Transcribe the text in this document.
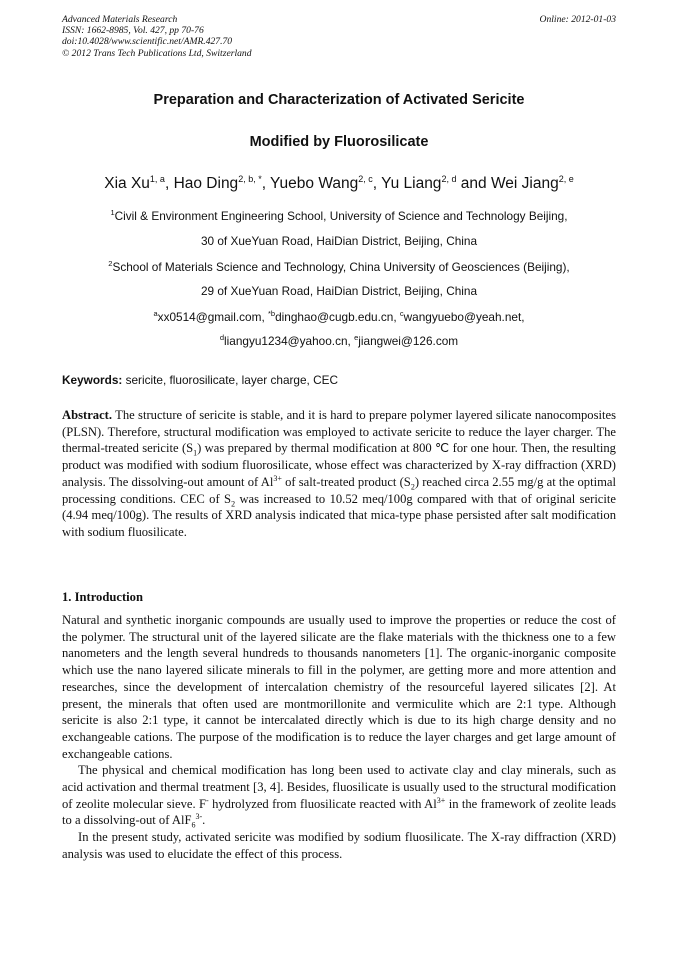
Advanced Materials Research
ISSN: 1662-8985, Vol. 427, pp 70-76
doi:10.4028/www.scientific.net/AMR.427.70
© 2012 Trans Tech Publications Ltd, Switzerland
Online: 2012-01-03
Preparation and Characterization of Activated Sericite
Modified by Fluorosilicate
Xia Xu$^{1, a}$, Hao Ding$^{2, b, *}$, Yuebo Wang$^{2, c}$, Yu Liang$^{2, d}$ and Wei Jiang$^{2, e}$
$^1$Civil & Environment Engineering School, University of Science and Technology Beijing,
30 of XueYuan Road, HaiDian District, Beijing, China
$^2$School of Materials Science and Technology, China University of Geosciences (Beijing),
29 of XueYuan Road, HaiDian District, Beijing, China
$^a$xx0514@gmail.com, $^{*b}$dinghao@cugb.edu.cn, $^c$wangyuebo@yeah.net,
$^d$liangyu1234@yahoo.cn, $^e$jiangwei@126.com
Keywords: sericite, fluorosilicate, layer charge, CEC
Abstract. The structure of sericite is stable, and it is hard to prepare polymer layered silicate nanocomposites (PLSN). Therefore, structural modification was employed to activate sericite to reduce the layer charger. The thermal-treated sericite $(S_1)$ was prepared by thermal modification at 800 ℃ for one hour. Then, the resulting product was modified with sodium fluorosilicate, whose effect was characterized by X-ray diffraction (XRD) analysis. The dissolving-out amount of $Al^{3+}$ of salt-treated product $(S_2)$ reached circa 2.55 mg/g at the optimal processing conditions. CEC of $S_2$ was increased to 10.52 meq/100g compared with that of original sericite (4.94 meq/100g). The results of XRD analysis indicated that mica-type phase persisted after salt modification with sodium fluosilicate.
1. Introduction
Natural and synthetic inorganic compounds are usually used to improve the properties or reduce the cost of the polymer. The structural unit of the layered silicate are the flake materials with the thickness one to a few nanometers and the length several hundreds to thousands nanometers [1]. The organic-inorganic composite which use the nano layered silicate minerals to fill in the polymer, are getting more and more attention and researches, since the development of intercalation chemistry of the resourceful layered silicates [2]. At present, the minerals that often used are montmorillonite and vermiculite which are 2:1 type. Although sericite is also 2:1 type, it cannot be intercalated directly which is due to its high charge density and no exchangeable cations. The purpose of the modification is to reduce the layer charges and get large amount of exchangeable cations.
The physical and chemical modification has long been used to activate clay and clay minerals, such as acid activation and thermal treatment [3, 4]. Besides, fluosilicate is usually used to the structural modification of zeolite molecular sieve. F- hydrolyzed from fluosilicate reacted with $Al^{3+}$ in the framework of zeolite leads to a dissolving-out of AlF$_6^{3-}$.
In the present study, activated sericite was modified by sodium fluosilicate. The X-ray diffraction (XRD) analysis was used to elucidate the effect of this process.
